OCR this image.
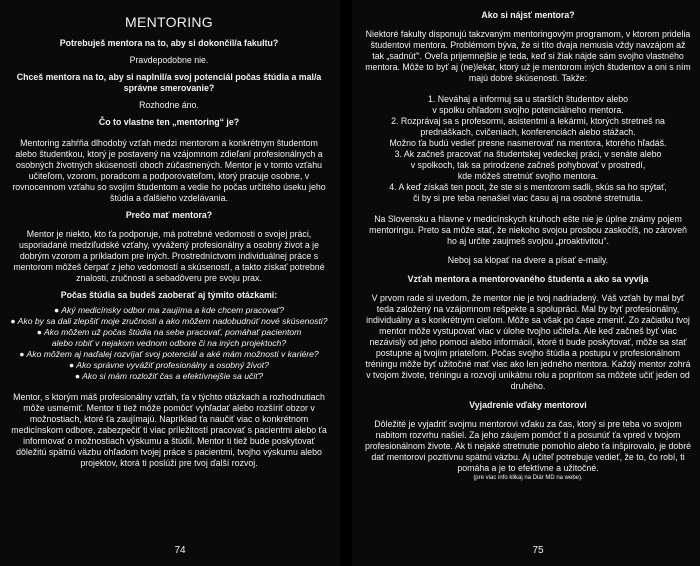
MENTORING

Potrebuješ mentora na to, aby si dokončil/a fakultu?

Pravdepodobne nie.

Chceš mentora na to, aby si naplnil/a svoj potenciál počas štúdia a mal/a správne smerovanie?

Rozhodne áno.

Čo to vlastne ten „mentoring“ je?

Mentoring zahŕňa dlhodobý vzťah medzi mentorom a konkrétnym študentom alebo študentkou, ktorý je postavený na vzájomnom zdieľaní profesionálnych a osobných životných skúseností oboch zúčastnených. Mentor je v tomto vzťahu učiteľom, vzorom, poradcom a podporovateľom, ktorý pracuje osobne, v rovnocennom vzťahu so svojím študentom a vedie ho počas určitého úseku jeho štúdia a ďalšieho vzdelávania.

Prečo mať mentora?

Mentor je niekto, kto ťa podporuje, má potrebné vedomosti o svojej práci, usporiadané medziľudské vzťahy, vyvážený profesionálny a osobný život a je dobrým vzorom a príkladom pre iných. Prostredníctvom individuálnej práce s mentorom môžeš čerpať z jeho vedomostí a skúseností, a takto získať potrebné znalosti, zručnosti a sebadôveru pre svoju prax.

Počas štúdia sa budeš zaoberať aj týmito otázkami:

● Aký medicínsky odbor ma zaujíma a kde chcem pracovať?
● Ako by sa dali zlepšiť moje zručnosti a ako môžem nadobudnúť nové skúsenosti?
● Ako môžem už počas štúdia na sebe pracovať, pomáhať pacientom
alebo robiť v nejakom vednom odbore či na iných projektoch?
● Ako môžem aj naďalej rozvíjať svoj potenciál a aké mám možnosti v kariére?
● Ako správne vyvážiť profesionálny a osobný život?
● Ako si mám rozložiť čas a efektívnejšie sa učiť?

Mentor, s ktorým máš profesionálny vzťah, ťa v týchto otázkach a rozhodnutiach môže usmerniť. Mentor ti tiež môže pomôcť vyhľadať alebo rozšíriť obzor v možnostiach, ktoré ťa zaujímajú. Napríklad ťa naučiť viac o konkrétnom medicínskom odbore, zabezpečiť ti viac príležitostí pracovať s pacientmi alebo ťa informovať o možnostiach výskumu a štúdií. Mentor ti tiež bude poskytovať dôležitú spätnú väzbu ohľadom tvojej práce s pacientmi, tvojho výskumu alebo projektov, ktorá ti poslúži pre tvoj ďalší rozvoj.

74

Ako si nájsť mentora?

Niektoré fakulty disponujú takzvaným mentoringovým programom, v ktorom pridelia študentovi mentora. Problémom býva, že si títo dvaja nemusia vždy navzájom až tak „sadnúť“. Oveľa prijemnejšie je teda, keď si žiak nájde sám svojho vlastného mentora. Môže to byť aj (ne)lekár, ktorý už je mentorom iných študentov a oni s ním majú dobré skúsenosti. Takže:

1. Neváhaj a informuj sa u starších študentov alebo

v spolku ohľadom svojho potenciálneho mentora.

2. Rozprávaj sa s profesormi, asistentmi a lekármi, ktorých stretneš na

prednáškach, cvičeniach, konferenciách alebo stážach.

Možno ťa budú vedieť presne nasmerovať na mentora, ktorého hľadáš.

3. Ak začneš pracovať na študentskej vedeckej práci, v senáte alebo

v spolkoch, tak sa prirodzene začneš pohybovať v prostredí,

kde môžeš stretnúť svojho mentora.

4. A keď získaš ten pocit, že ste si s mentorom sadli, skús sa ho spýtať,

či by si pre teba nenašiel viac času aj na osobné stretnutia.

Na Slovensku a hlavne v medicínskych kruhoch ešte nie je úplne známy pojem mentoringu. Preto sa môže stať, že niekoho svojou prosbou zaskočíš, no zároveň ho aj určite zaujmeš svojou „proaktivitou“.

Neboj sa klopať na dvere a písať e-maily.

Vzťah mentora a mentorovaného študenta a ako sa vyvíja

V prvom rade si uvedom, že mentor nie je tvoj nadriadený. Váš vzťah by mal byť teda založený na vzájomnom rešpekte a spolupráci. Mal by byť profesionálny, individuálny a s konkrétnym cieľom. Môže sa však po čase zmeniť. Zo začiatku tvoj mentor môže vystupovať viac v úlohe tvojho učiteľa. Ale keď začneš byť viac nezávislý od jeho pomoci alebo informácií, ktoré ti bude poskytovať, môže sa stať postupne aj tvojím priateľom. Počas svojho štúdia a postupu v profesionálnom tréningu môže byť užitočné mať viac ako len jedného mentora. Každý mentor zohrá v tvojom živote, tréningu a rozvoji unikátnu rolu a poprítom sa môžete učiť jeden od druhého.

Vyjadrenie vďaky mentorovi

Dôležité je vyjadriť svojmu mentorovi vďaku za čas, ktorý si pre teba vo svojom nabitom rozvrhu našiel. Za jeho záujem pomôcť ti a posunúť ťa vpred v tvojom profesionálnom živote. Ak ti nejaké stretnutie pomohlo alebo ťa inšpirovalo, je dobré dať mentorovi pozitívnu spätnú väzbu. Aj učiteľ potrebuje vedieť, že to, čo robí, ti pomáha a je to efektívne a užitočné.

(pre viac info klikaj na Diár MD na webe).
75
